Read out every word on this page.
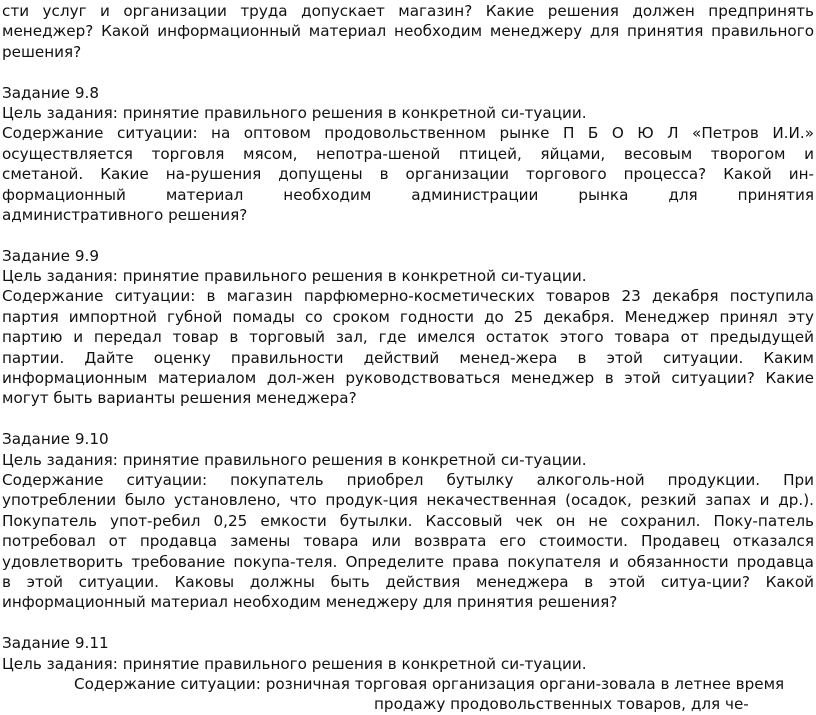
сти услуг и организации труда допускает магазин? Какие решения должен предпринять
менеджер? Какой информационный материал необходим менеджеру для принятия правильного
решения?
Задание 9.8
Цель задания: принятие правильного решения в конкретной си-туации.
Содержание ситуации: на оптовом продовольственном рынке П Б О Ю Л «Петров И.И.»
осуществляется торговля мясом, непотра-шеной птицей, яйцами, весовым творогом и
сметаной. Какие на-рушения допущены в организации торгового процесса? Какой ин-
формационный материал необходим администрации рынка для принятия
административного решения?
Задание 9.9
Цель задания: принятие правильного решения в конкретной си-туации.
Содержание ситуации: в магазин парфюмерно-косметических товаров 23 декабря поступила
партия импортной губной помады со сроком годности до 25 декабря. Менеджер принял эту
партию и передал товар в торговый зал, где имелся остаток этого товара от предыдущей
партии. Дайте оценку правильности действий менед-жера в этой ситуации. Каким
информационным материалом дол-жен руководствоваться менеджер в этой ситуации? Какие
могут быть варианты решения менеджера?
Задание 9.10
Цель задания: принятие правильного решения в конкретной си-туации.
Содержание ситуации: покупатель приобрел бутылку алкоголь-ной продукции. При
употреблении было установлено, что продук-ция некачественная (осадок, резкий запах и др.).
Покупатель упот-ребил 0,25 емкости бутылки. Кассовый чек он не сохранил. Поку-патель
потребовал от продавца замены товара или возврата его стоимости. Продавец отказался
удовлетворить требование покупа-теля. Определите права покупателя и обязанности продавца
в этой ситуации. Каковы должны быть действия менеджера в этой ситуа-ции? Какой
информационный материал необходим менеджеру для принятия решения?
Задание 9.11
Цель задания: принятие правильного решения в конкретной си-туации.
Содержание ситуации: розничная торговая организация органи-зовала в летнее время
продажу продовольственных товаров, для че-
